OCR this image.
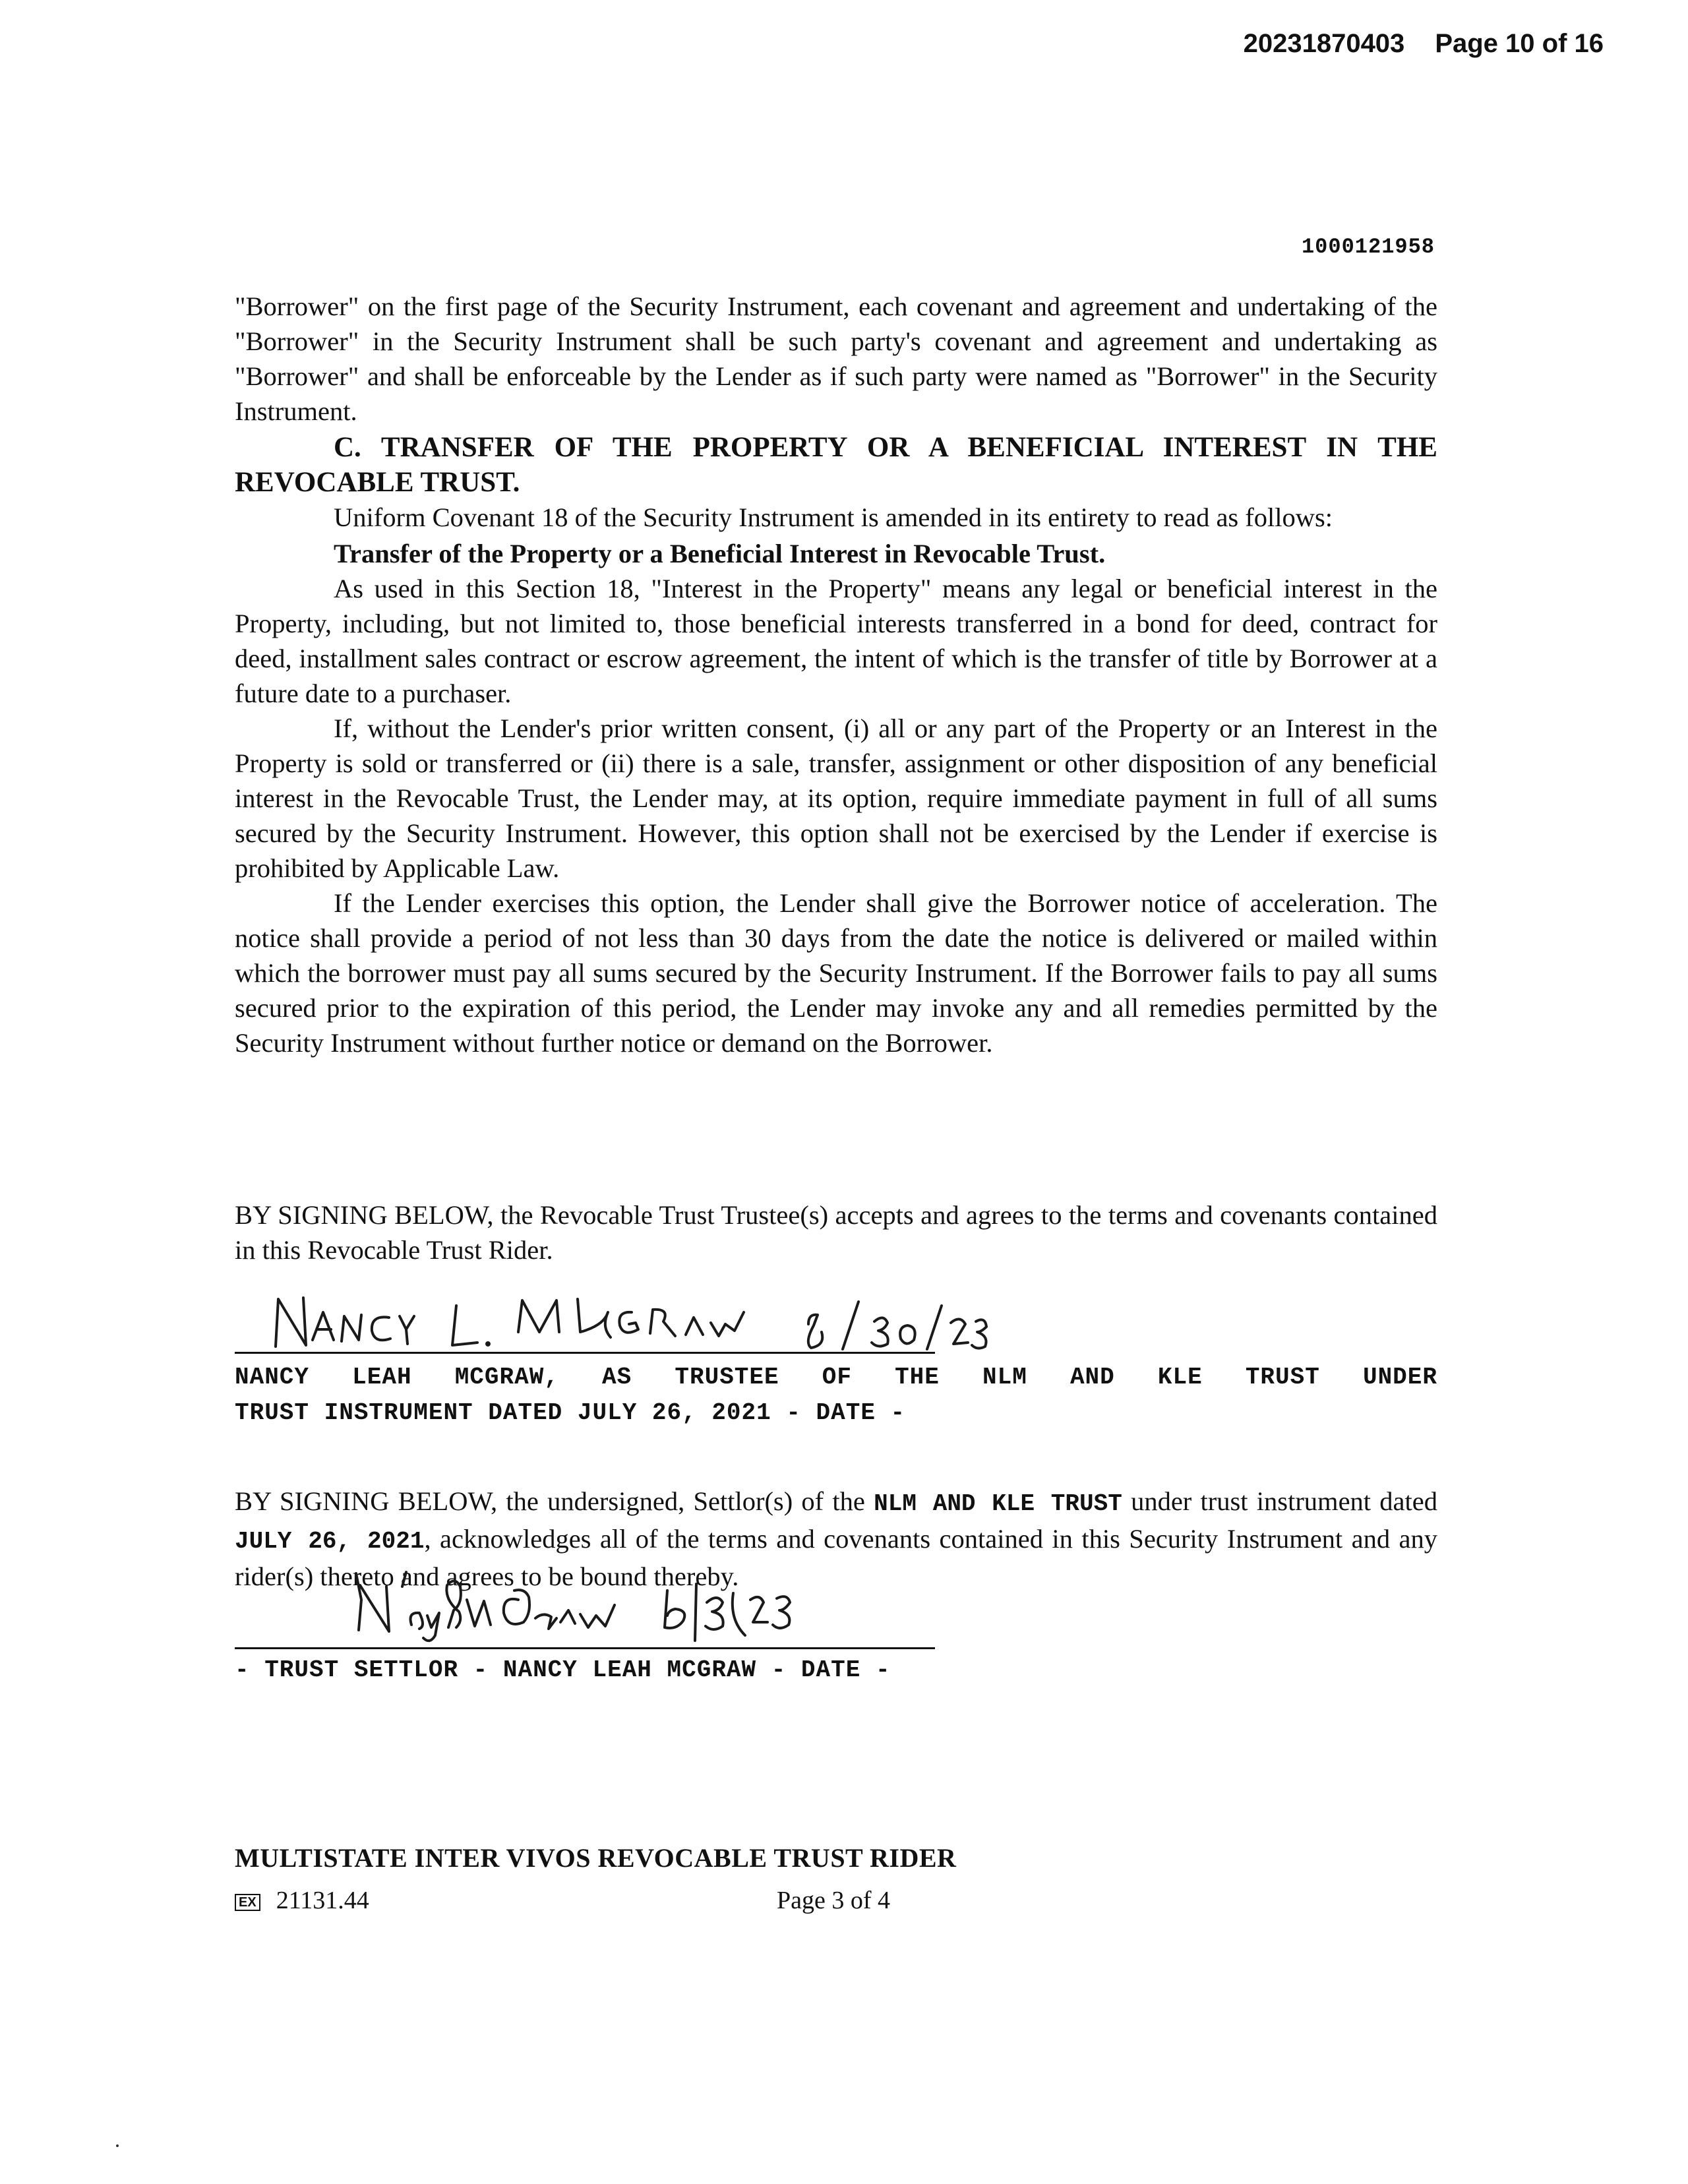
20231870403 Page 10 of 16
1000121958

"Borrower" on the first page of the Security Instrument, each covenant and agreement and undertaking of the "Borrower" in the Security Instrument shall be such party's covenant and agreement and undertaking as "Borrower" and shall be enforceable by the Lender as if such party were named as "Borrower" in the Security Instrument.

C. TRANSFER OF THE PROPERTY OR A BENEFICIAL INTEREST IN THE REVOCABLE TRUST.

Uniform Covenant 18 of the Security Instrument is amended in its entirety to read as follows:

Transfer of the Property or a Beneficial Interest in Revocable Trust.

As used in this Section 18, "Interest in the Property" means any legal or beneficial interest in the Property, including, but not limited to, those beneficial interests transferred in a bond for deed, contract for deed, installment sales contract or escrow agreement, the intent of which is the transfer of title by Borrower at a future date to a purchaser.

If, without the Lender's prior written consent, (i) all or any part of the Property or an Interest in the Property is sold or transferred or (ii) there is a sale, transfer, assignment or other disposition of any beneficial interest in the Revocable Trust, the Lender may, at its option, require immediate payment in full of all sums secured by the Security Instrument. However, this option shall not be exercised by the Lender if exercise is prohibited by Applicable Law.

If the Lender exercises this option, the Lender shall give the Borrower notice of acceleration. The notice shall provide a period of not less than 30 days from the date the notice is delivered or mailed within which the borrower must pay all sums secured by the Security Instrument. If the Borrower fails to pay all sums secured prior to the expiration of this period, the Lender may invoke any and all remedies permitted by the Security Instrument without further notice or demand on the Borrower.

BY SIGNING BELOW, the Revocable Trust Trustee(s) accepts and agrees to the terms and covenants contained in this Revocable Trust Rider.
NANCY LEAH MCGRAW, AS TRUSTEE OF THE NLM AND KLE TRUST UNDER
TRUST INSTRUMENT DATED JULY 26, 2021 - DATE -
BY SIGNING BELOW, the undersigned, Settlor(s) of the NLM AND KLE TRUST under trust instrument dated JULY 26, 2021, acknowledges all of the terms and covenants contained in this Security Instrument and any rider(s) thereto and agrees to be bound thereby.
- TRUST SETTLOR - NANCY LEAH MCGRAW - DATE -
MULTISTATE INTER VIVOS REVOCABLE TRUST RIDER
EX 21131.44	Page 3 of 4
